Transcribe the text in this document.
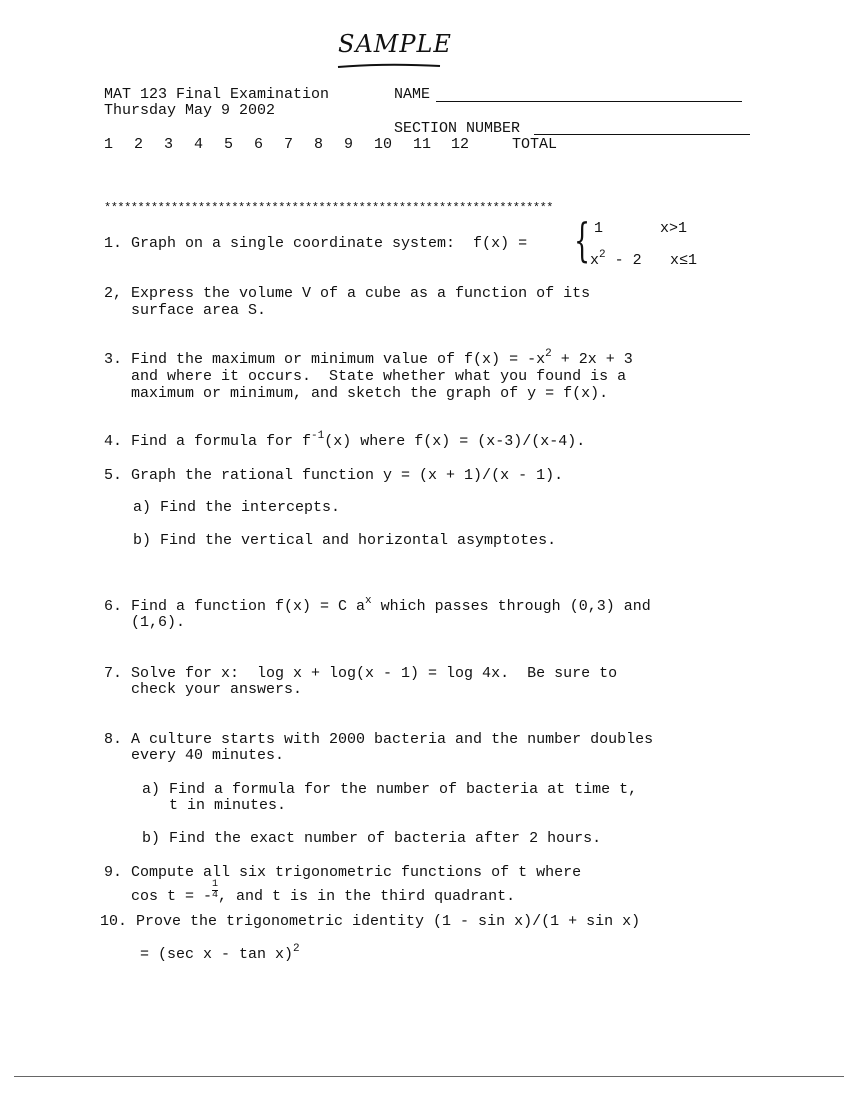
SAMPLE
MAT 123 Final Examination	NAME
Thursday May 9 2002
SECTION NUMBER
1 2 3 4 5 6 7 8 9 10 11 12	TOTAL
*******************************************************************
1. Graph on a single coordinate system:  f(x) = { 1	x>1
$x^2 - 2$ x≤1
2, Express the volume V of a cube as a function of its
surface area S.
3. Find the maximum or minimum value of $f(x) = -x^2 + 2x + 3$
and where it occurs.  State whether what you found is a
maximum or minimum, and sketch the graph of y = f(x).
4. Find a formula for $f^{-1}(x)$ where f(x) = (x-3)/(x-4).
5. Graph the rational function y = (x + 1)/(x - 1).
a) Find the intercepts.
b) Find the vertical and horizontal asymptotes.
6. Find a function f(x) = C $a^x$ which passes through (0,3) and
(1,6).
7. Solve for x:  log x + log(x - 1) = log 4x.  Be sure to
check your answers.
8. A culture starts with 2000 bacteria and the number doubles
every 40 minutes.
a) Find a formula for the number of bacteria at time t,
t in minutes.
b) Find the exact number of bacteria after 2 hours.
9. Compute all six trigonometric functions of t where
cos t = - $\frac{1}{4}$ , and t is in the third quadrant.
10. Prove the trigonometric identity (1 - sin x)/(1 + sin x)
= (sec x - tan x)$^2$
